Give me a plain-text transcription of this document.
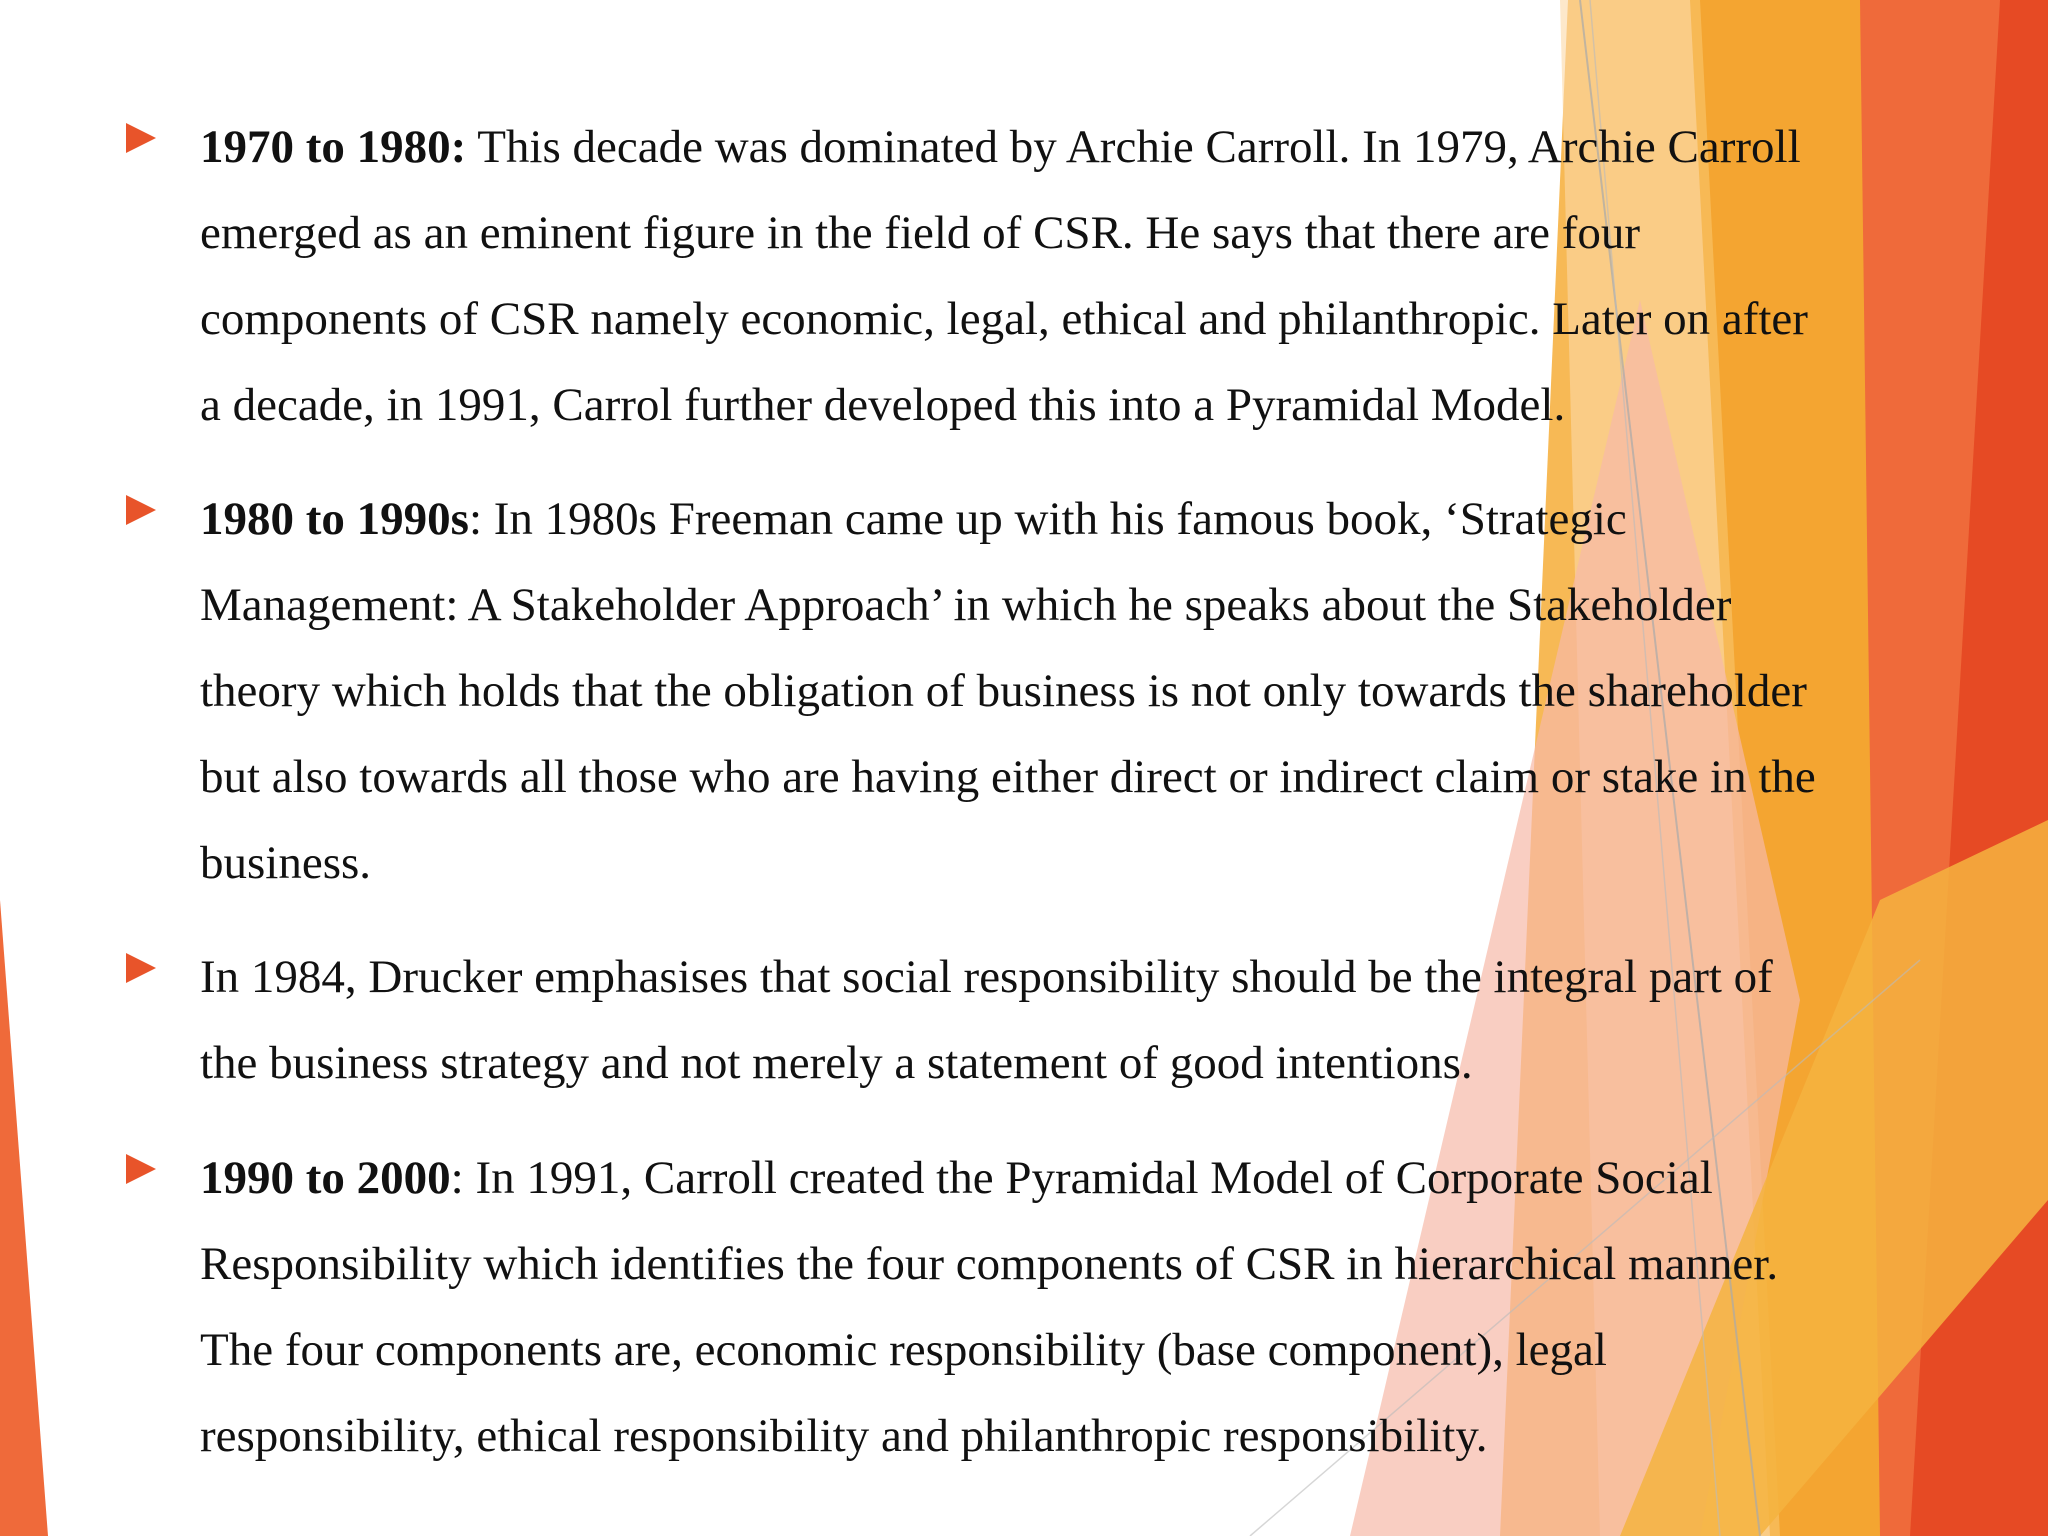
1970 to 1980: This decade was dominated by Archie Carroll. In 1979, Archie Carroll
emerged as an eminent figure in the field of CSR. He says that there are four
components of CSR namely economic, legal, ethical and philanthropic. Later on after
a decade, in 1991, Carrol further developed this into a Pyramidal Model.
1980 to 1990s: In 1980s Freeman came up with his famous book, ‘Strategic
Management: A Stakeholder Approach’ in which he speaks about the Stakeholder
theory which holds that the obligation of business is not only towards the shareholder
but also towards all those who are having either direct or indirect claim or stake in the
business.
In 1984, Drucker emphasises that social responsibility should be the integral part of
the business strategy and not merely a statement of good intentions.
1990 to 2000: In 1991, Carroll created the Pyramidal Model of Corporate Social
Responsibility which identifies the four components of CSR in hierarchical manner.
The four components are, economic responsibility (base component), legal
responsibility, ethical responsibility and philanthropic responsibility.
